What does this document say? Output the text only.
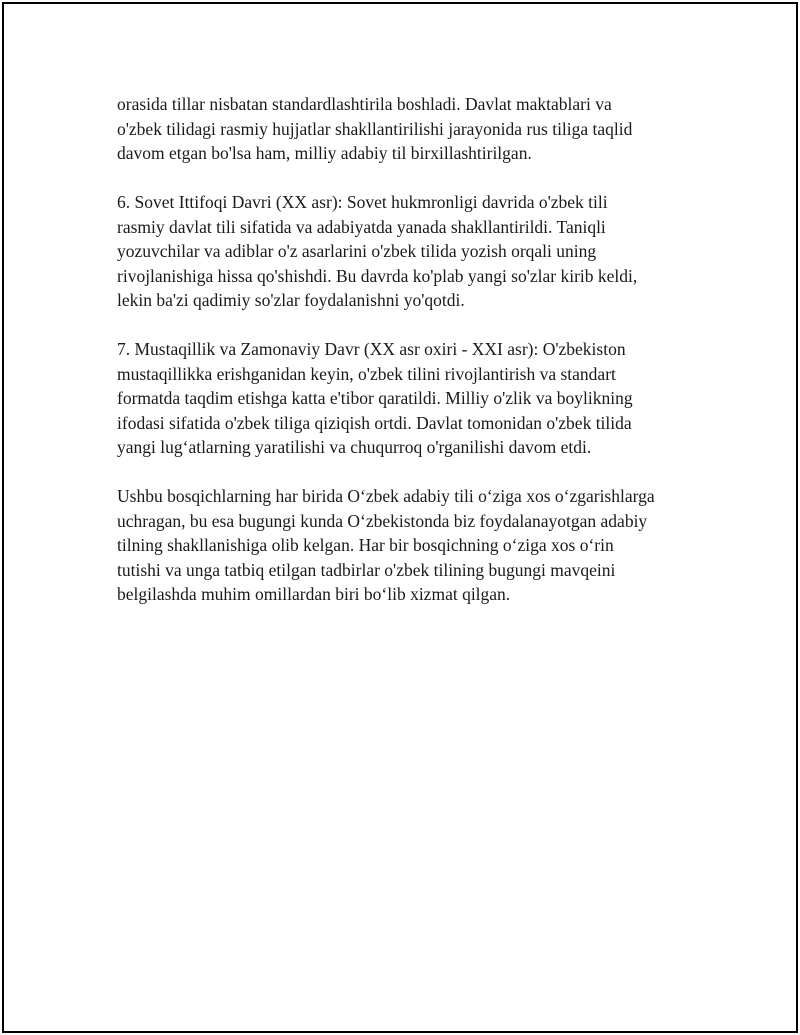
orasida tillar nisbatan standardlashtirila boshladi. Davlat maktablari va
o'zbek tilidagi rasmiy hujjatlar shakllantirilishi jarayonida rus tiliga taqlid
davom etgan bo'lsa ham, milliy adabiy til birxillashtirilgan.

6. Sovet Ittifoqi Davri (XX asr): Sovet hukmronligi davrida o'zbek tili
rasmiy davlat tili sifatida va adabiyatda yanada shakllantirildi. Taniqli
yozuvchilar va adiblar o'z asarlarini o'zbek tilida yozish orqali uning
rivojlanishiga hissa qo'shishdi. Bu davrda ko'plab yangi so'zlar kirib keldi,
lekin ba'zi qadimiy so'zlar foydalanishni yo'qotdi.

7. Mustaqillik va Zamonaviy Davr (XX asr oxiri - XXI asr): O'zbekiston
mustaqillikka erishganidan keyin, o'zbek tilini rivojlantirish va standart
formatda taqdim etishga katta e'tibor qaratildi. Milliy o'zlik va boylikning
ifodasi sifatida o'zbek tiliga qiziqish ortdi. Davlat tomonidan o'zbek tilida
yangi lug‘atlarning yaratilishi va chuqurroq o'rganilishi davom etdi.

Ushbu bosqichlarning har birida O‘zbek adabiy tili o‘ziga xos o‘zgarishlarga
uchragan, bu esa bugungi kunda O‘zbekistonda biz foydalanayotgan adabiy
tilning shakllanishiga olib kelgan. Har bir bosqichning o‘ziga xos o‘rin
tutishi va unga tatbiq etilgan tadbirlar o'zbek tilining bugungi mavqeini
belgilashda muhim omillardan biri bo‘lib xizmat qilgan.
